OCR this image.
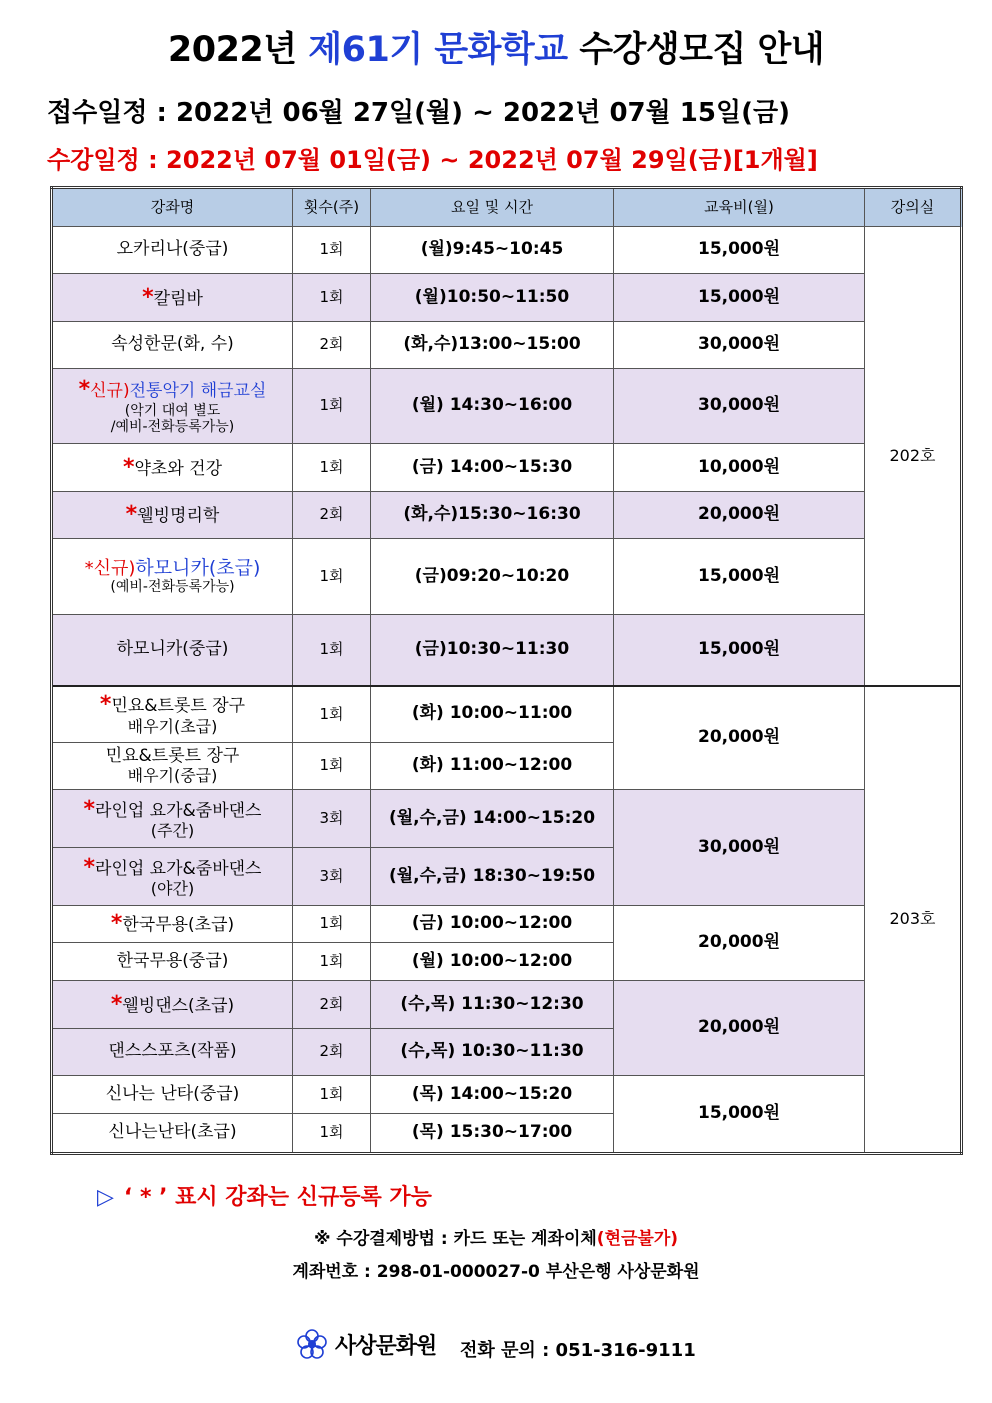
2022년 제61기 문화학교 수강생모집 안내
접수일정 : 2022년 06월 27일(월) ~ 2022년 07월 15일(금)
수강일정 : 2022년 07월 01일(금) ~ 2022년 07월 29일(금)[1개월]
강좌명	횟수(주)	요일 및 시간	교육비(월)	강의실
오카리나(중급)	1회	(월)9:45~10:45	15,000원	202호
*칼림바	1회	(월)10:50~11:50	15,000원	
속성한문(화, 수)	2회	(화,수)13:00~15:00	30,000원	
*신규)전통악기 해금교실
(악기 대여 별도
/예비-전화등록가능)	1회	(월) 14:30~16:00	30,000원	
*약초와 건강	1회	(금) 14:00~15:30	10,000원	
*웰빙명리학	2회	(화,수)15:30~16:30	20,000원	
*신규)하모니카(초급)
(예비-전화등록가능)	1회	(금)09:20~10:20	15,000원	
하모니카(중급)	1회	(금)10:30~11:30	15,000원	
*민요&트롯트 장구
배우기(초급)	1회	(화) 10:00~11:00	20,000원	203호
민요&트롯트 장구
배우기(중급)	1회	(화) 11:00~12:00		
*라인업 요가&줌바댄스
(주간)	3회	(월,수,금) 14:00~15:20	30,000원	
*라인업 요가&줌바댄스
(야간)	3회	(월,수,금) 18:30~19:50		
*한국무용(초급)	1회	(금) 10:00~12:00	20,000원	
한국무용(중급)	1회	(월) 10:00~12:00		
*웰빙댄스(초급)	2회	(수,목) 11:30~12:30	20,000원	
댄스스포츠(작품)	2회	(수,목) 10:30~11:30		
신나는 난타(중급)	1회	(목) 14:00~15:20	15,000원	
신나는난타(초급)	1회	(목) 15:30~17:00		
▷ ‘ * ’ 표시 강좌는 신규등록 가능
※ 수강결제방법 : 카드 또는 계좌이체(현금불가)
계좌번호 : 298-01-000027-0 부산은행 사상문화원
사상문화원 전화 문의 : 051-316-9111
